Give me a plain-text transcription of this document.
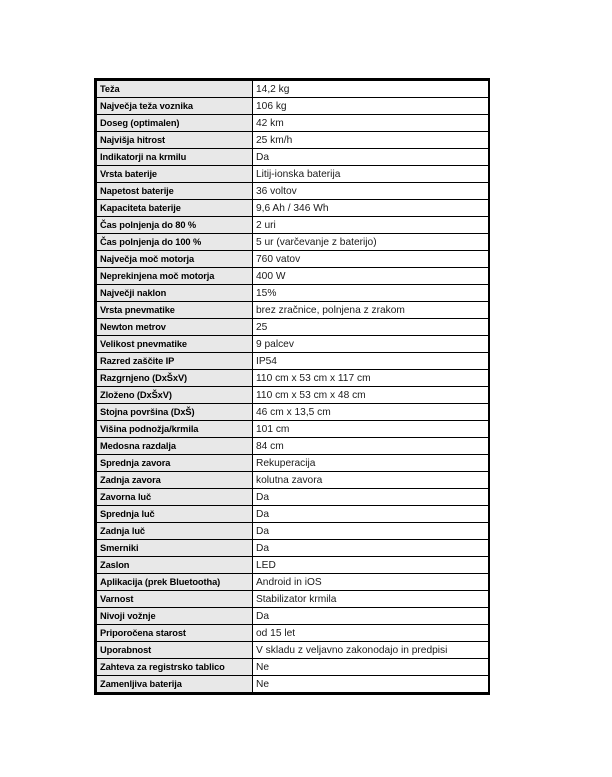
Teža	14,2 kg
Največja teža voznika	106 kg
Doseg (optimalen)	42 km
Najvišja hitrost	25 km/h
Indikatorji na krmilu	Da
Vrsta baterije	Litij-ionska baterija
Napetost baterije	36 voltov
Kapaciteta baterije	9,6 Ah / 346 Wh
Čas polnjenja do 80 %	2 uri
Čas polnjenja do 100 %	5 ur (varčevanje z baterijo)
Največja moč motorja	760 vatov
Neprekinjena moč motorja	400 W
Največji naklon	15%
Vrsta pnevmatike	brez zračnice, polnjena z zrakom
Newton metrov	25
Velikost pnevmatike	9 palcev
Razred zaščite IP	IP54
Razgrnjeno (DxŠxV)	110 cm x 53 cm x 117 cm
Zloženo (DxŠxV)	110 cm x 53 cm x 48 cm
Stojna površina (DxŠ)	46 cm x 13,5 cm
Višina podnožja/krmila	101 cm
Medosna razdalja	84 cm
Sprednja zavora	Rekuperacija
Zadnja zavora	kolutna zavora
Zavorna luč	Da
Sprednja luč	Da
Zadnja luč	Da
Smerniki	Da
Zaslon	LED
Aplikacija (prek Bluetootha)	Android in iOS
Varnost	Stabilizator krmila
Nivoji vožnje	Da
Priporočena starost	od 15 let
Uporabnost	V skladu z veljavno zakonodajo in predpisi
Zahteva za registrsko tablico	Ne
Zamenljiva baterija	Ne
